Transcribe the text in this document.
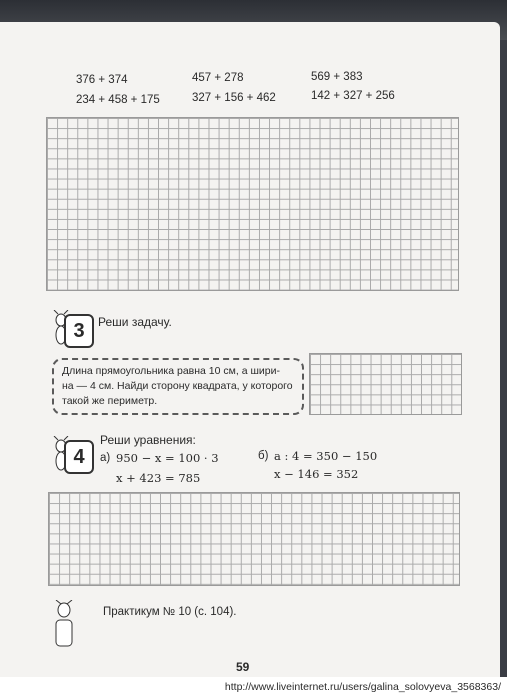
376 + 374
234 + 458 + 175
457 + 278
327 + 156 + 462
569 + 383
142 + 327 + 256
3	Реши задачу.
Длина прямоугольника равна 10 см, а шири-
на — 4 см. Найди сторону квадрата, у которого
такой же периметр.
4
Реши уравнения:
а) 950 − x = 100 · 3
x + 423 = 785
б) a : 4 = 350 − 150
x − 146 = 352
Практикум № 10 (с. 104).
59
http://www.liveinternet.ru/users/galina_solovyeva_3568363/
